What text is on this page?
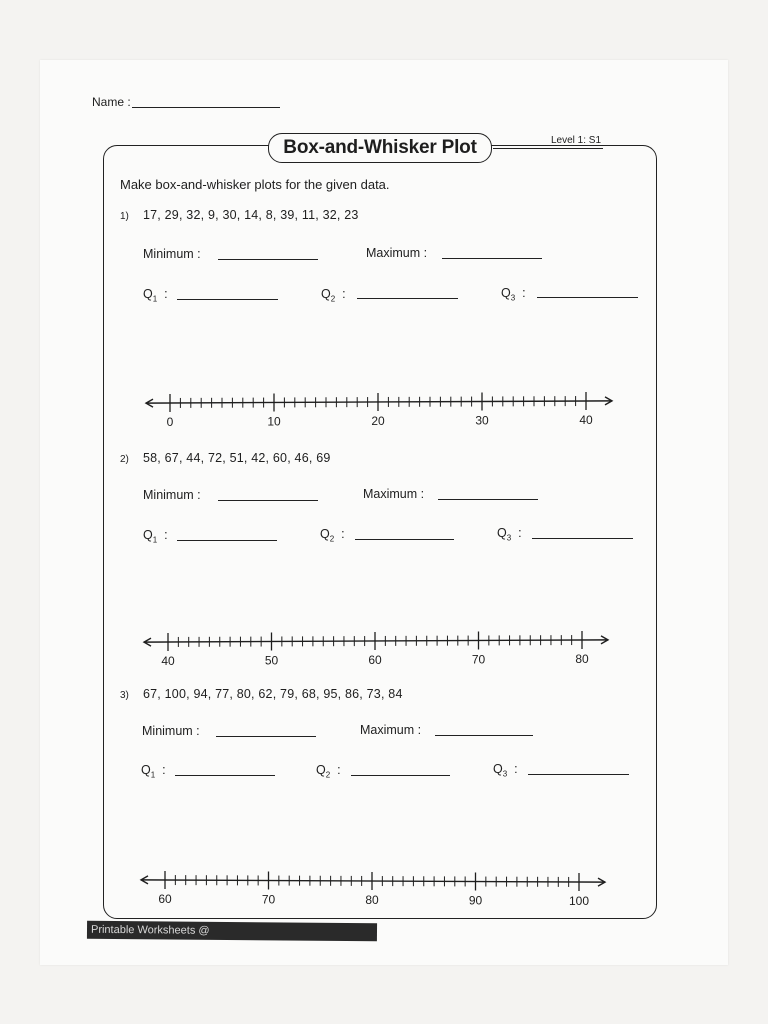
Name :
Box-and-Whisker Plot	Level 1: S1
Make box-and-whisker plots for the given data.
1) 17, 29, 32, 9, 30, 14, 8, 39, 11, 32, 23
Minimum :	Maximum :
$Q_1$ :	$Q_2$ :	$Q_3$ :
0	10	20	30	40
2) 58, 67, 44, 72, 51, 42, 60, 46, 69
Minimum :	Maximum :
$Q_1$ :	$Q_2$ :	$Q_3$ :
40	50	60	70	80
3) 67, 100, 94, 77, 80, 62, 79, 68, 95, 86, 73, 84
Minimum :	Maximum :
$Q_1$ :	$Q_2$ :	$Q_3$ :
60	70	80	90	100
Printable Worksheets @
